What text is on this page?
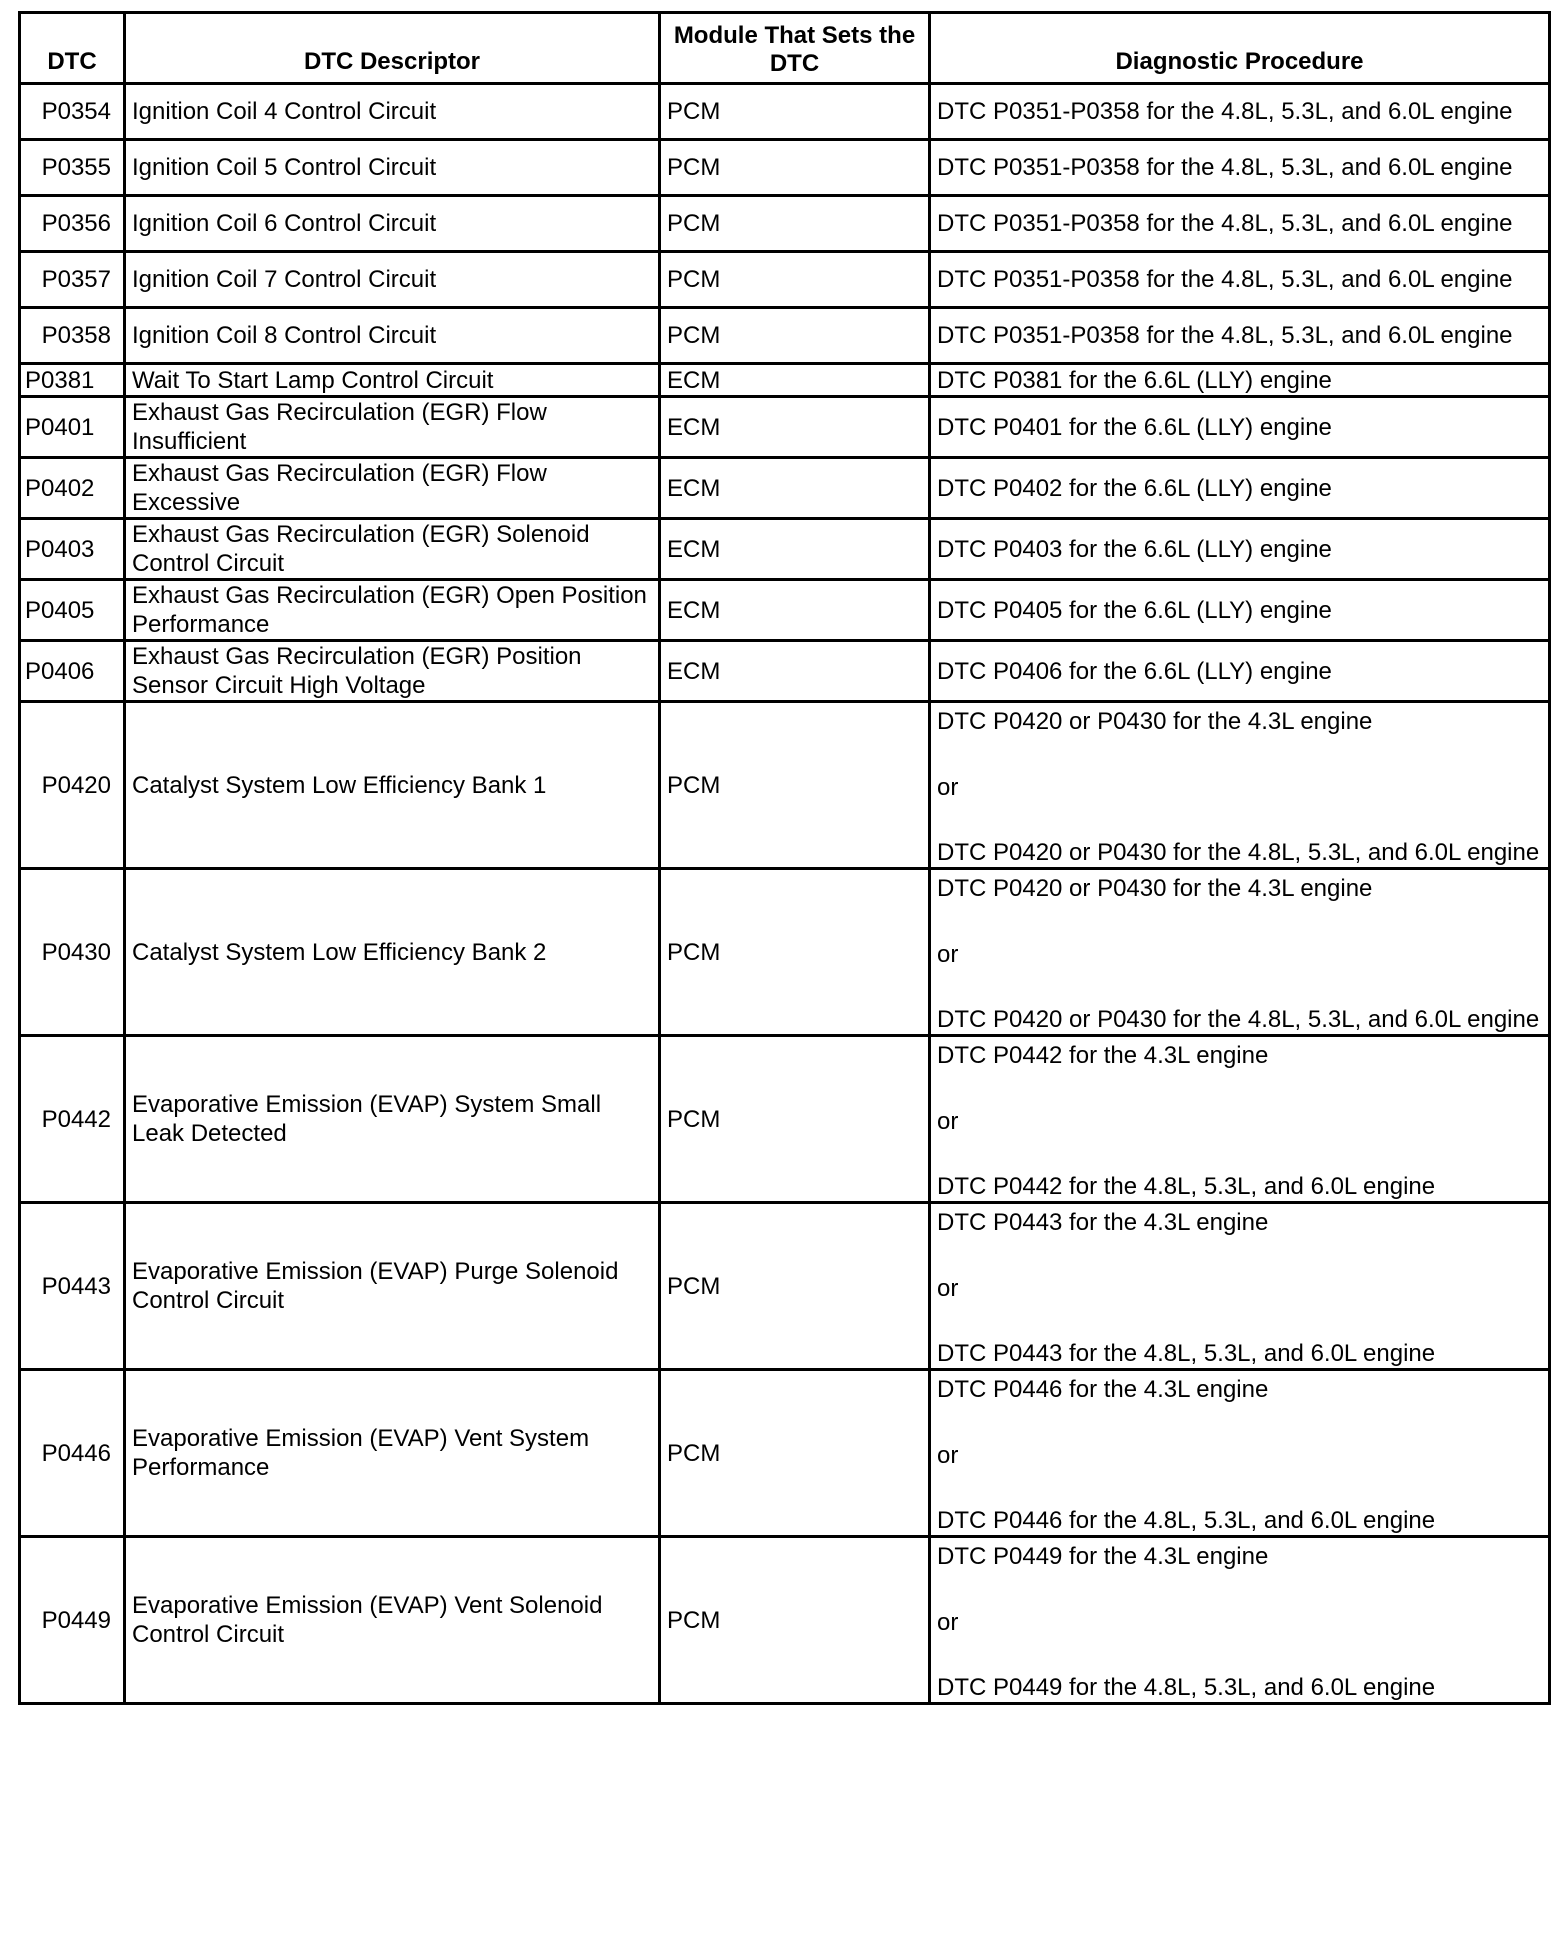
DTC	DTC Descriptor	Module That Sets the DTC	Diagnostic Procedure
P0354	Ignition Coil 4 Control Circuit	PCM	DTC P0351-P0358 for the 4.8L, 5.3L, and 6.0L engine

P0355	Ignition Coil 5 Control Circuit	PCM	DTC P0351-P0358 for the 4.8L, 5.3L, and 6.0L engine

P0356	Ignition Coil 6 Control Circuit	PCM	DTC P0351-P0358 for the 4.8L, 5.3L, and 6.0L engine

P0357	Ignition Coil 7 Control Circuit	PCM	DTC P0351-P0358 for the 4.8L, 5.3L, and 6.0L engine

P0358	Ignition Coil 8 Control Circuit	PCM	DTC P0351-P0358 for the 4.8L, 5.3L, and 6.0L engine

P0381	Wait To Start Lamp Control Circuit	ECM	DTC P0381 for the 6.6L (LLY) engine

P0401	Exhaust Gas Recirculation (EGR) Flow Insufficient	ECM	DTC P0401 for the 6.6L (LLY) engine

P0402	Exhaust Gas Recirculation (EGR) Flow Excessive	ECM	DTC P0402 for the 6.6L (LLY) engine

P0403	Exhaust Gas Recirculation (EGR) Solenoid Control Circuit	ECM	DTC P0403 for the 6.6L (LLY) engine

P0405	Exhaust Gas Recirculation (EGR) Open Position Performance	ECM	DTC P0405 for the 6.6L (LLY) engine

P0406	Exhaust Gas Recirculation (EGR) Position Sensor Circuit High Voltage	ECM	DTC P0406 for the 6.6L (LLY) engine

P0420	Catalyst System Low Efficiency Bank 1	PCM	DTC P0420 or P0430 for the 4.3L engine
or
DTC P0420 or P0430 for the 4.8L, 5.3L, and 6.0L engine

P0430	Catalyst System Low Efficiency Bank 2	PCM	DTC P0420 or P0430 for the 4.3L engine
or
DTC P0420 or P0430 for the 4.8L, 5.3L, and 6.0L engine

P0442	Evaporative Emission (EVAP) System Small Leak Detected	PCM	DTC P0442 for the 4.3L engine
or
DTC P0442 for the 4.8L, 5.3L, and 6.0L engine

P0443	Evaporative Emission (EVAP) Purge Solenoid Control Circuit	PCM	DTC P0443 for the 4.3L engine
or
DTC P0443 for the 4.8L, 5.3L, and 6.0L engine

P0446	Evaporative Emission (EVAP) Vent System Performance	PCM	DTC P0446 for the 4.3L engine
or
DTC P0446 for the 4.8L, 5.3L, and 6.0L engine

P0449	Evaporative Emission (EVAP) Vent Solenoid Control Circuit	PCM	DTC P0449 for the 4.3L engine
or
DTC P0449 for the 4.8L, 5.3L, and 6.0L engine
